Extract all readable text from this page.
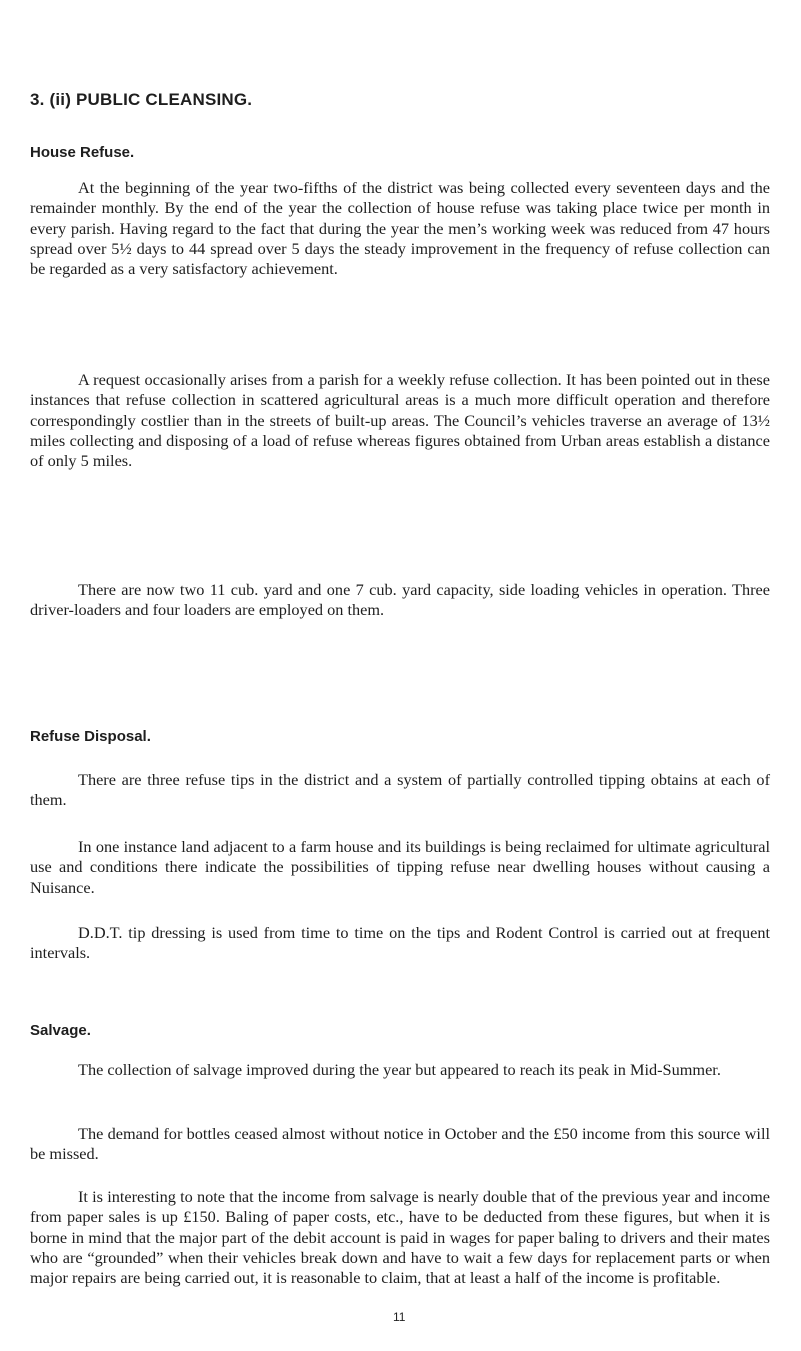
3. (ii) PUBLIC CLEANSING.
House Refuse.

At the beginning of the year two-fifths of the district was being collected every seventeen days and the remainder monthly. By the end of the year the collection of house refuse was taking place twice per month in every parish. Having regard to the fact that during the year the men’s working week was reduced from 47 hours spread over 5½ days to 44 spread over 5 days the steady improvement in the frequency of refuse collection can be regarded as a very satisfactory achievement.

A request occasionally arises from a parish for a weekly refuse collection. It has been pointed out in these instances that refuse collection in scattered agricultural areas is a much more difficult operation and therefore correspondingly costlier than in the streets of built-up areas. The Council’s vehicles traverse an average of 13½ miles collecting and disposing of a load of refuse whereas figures obtained from Urban areas establish a distance of only 5 miles.

There are now two 11 cub. yard and one 7 cub. yard capacity, side loading vehicles in operation. Three driver-loaders and four loaders are employed on them.

Refuse Disposal.

There are three refuse tips in the district and a system of partially controlled tipping obtains at each of them.

In one instance land adjacent to a farm house and its buildings is being reclaimed for ultimate agricultural use and conditions there indicate the possibilities of tipping refuse near dwelling houses without causing a Nuisance.

D.D.T. tip dressing is used from time to time on the tips and Rodent Control is carried out at frequent intervals.

Salvage.

The collection of salvage improved during the year but appeared to reach its peak in Mid-Summer.

The demand for bottles ceased almost without notice in October and the £50 income from this source will be missed.

It is interesting to note that the income from salvage is nearly double that of the previous year and income from paper sales is up £150. Baling of paper costs, etc., have to be deducted from these figures, but when it is borne in mind that the major part of the debit account is paid in wages for paper baling to drivers and their mates who are “grounded” when their vehicles break down and have to wait a few days for replacement parts or when major repairs are being carried out, it is reasonable to claim, that at least a half of the income is profitable.

11
